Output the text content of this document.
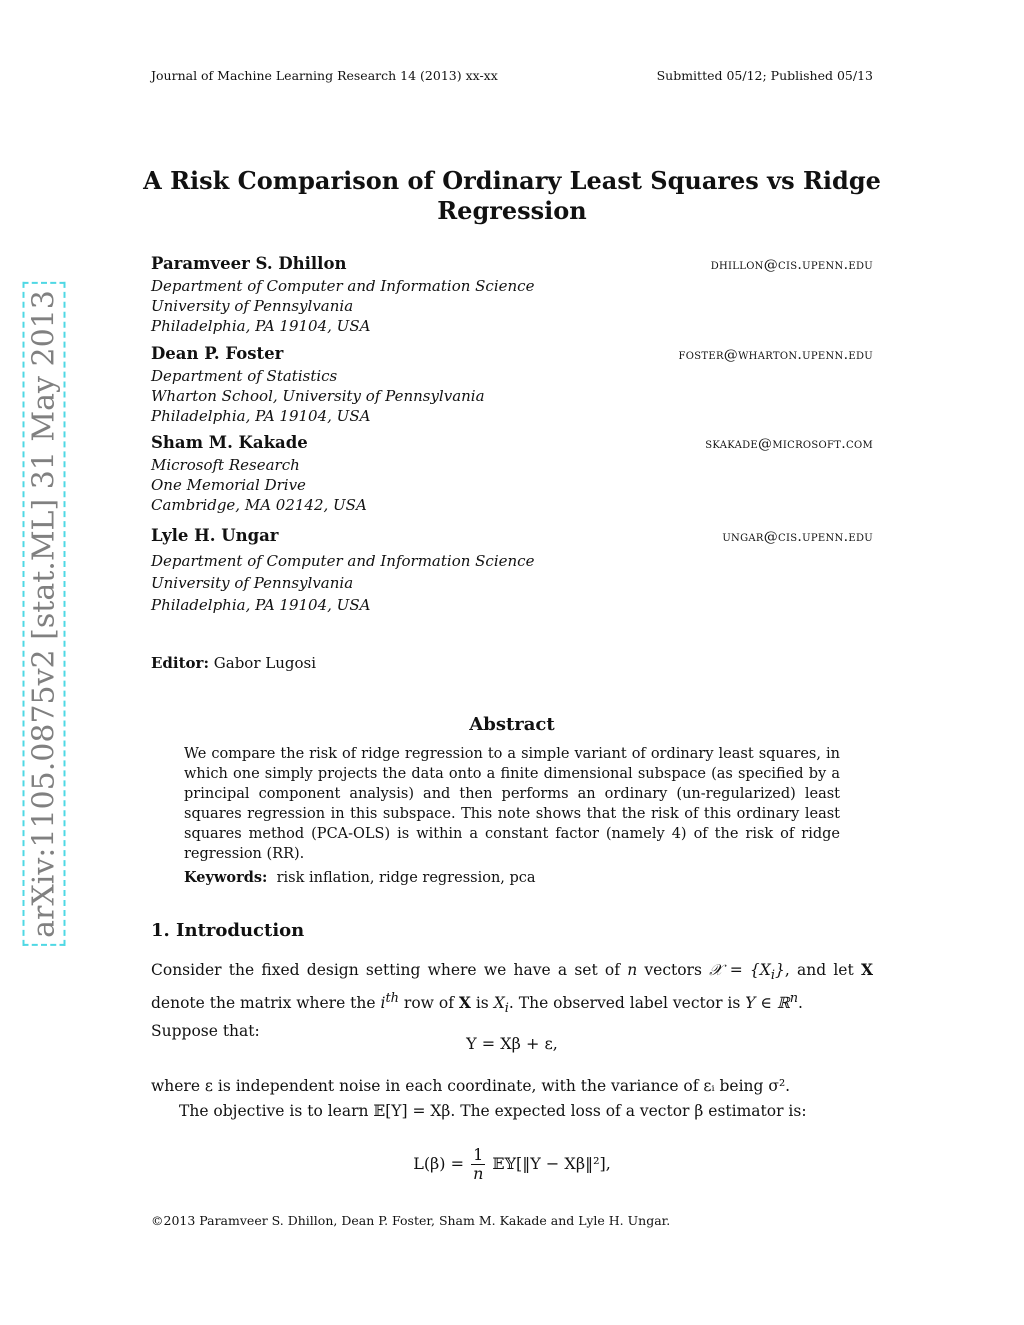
Journal of Machine Learning Research 14 (2013) xx-xx	Submitted 05/12; Published 05/13
arXiv:1105.0875v2 [stat.ML] 31 May 2013
A Risk Comparison of Ordinary Least Squares vs Ridge
Regression
Paramveer S. Dhillon	dhillon@cis.upenn.edu
Department of Computer and Information Science
University of Pennsylvania
Philadelphia, PA 19104, USA
Dean P. Foster	foster@wharton.upenn.edu
Department of Statistics
Wharton School, University of Pennsylvania
Philadelphia, PA 19104, USA
Sham M. Kakade	skakade@microsoft.com
Microsoft Research
One Memorial Drive
Cambridge, MA 02142, USA
Lyle H. Ungar	ungar@cis.upenn.edu
Department of Computer and Information Science
University of Pennsylvania
Philadelphia, PA 19104, USA
Editor: Gabor Lugosi
Abstract
We compare the risk of ridge regression to a simple variant of ordinary least squares, in which one simply projects the data onto a finite dimensional subspace (as specified by a principal component analysis) and then performs an ordinary (un-regularized) least squares regression in this subspace. This note shows that the risk of this ordinary least squares method (PCA-OLS) is within a constant factor (namely 4) of the risk of ridge regression (RR).
Keywords: risk inflation, ridge regression, pca
1. Introduction
Consider the fixed design setting where we have a set of n vectors 𝒳 = $\{X_i\}$, and let X denote the matrix where the $i^{th}$ row of X is $X_i$. The observed label vector is Y ∈ ℝ$^n$.
Suppose that:
Y = Xβ + ε,
where ε is independent noise in each coordinate, with the variance of εᵢ being σ².
The objective is to learn 𝔼[Y] = Xβ. The expected loss of a vector β estimator is:
$L(\beta) = \frac{1}{n}$ 𝔼𝕐[‖Y − Xβ‖²],
©2013 Paramveer S. Dhillon, Dean P. Foster, Sham M. Kakade and Lyle H. Ungar.
